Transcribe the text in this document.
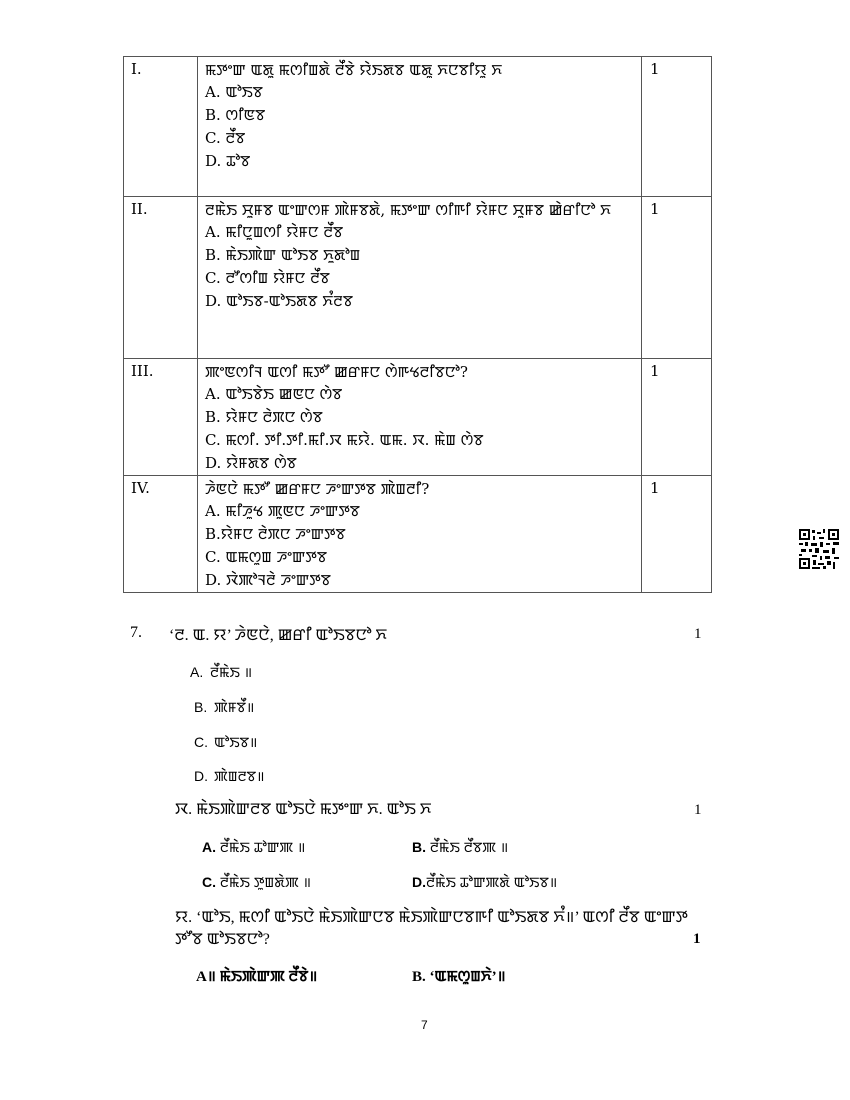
I.	ꯃꯇꯦꯛ ꯑꯗꯨ ꯃꯁꯤꯡꯗꯥ ꯂꯩꯕꯥ ꯌꯥꯏꯗꯕ ꯑꯗꯨ ꯈꯅꯕꯤꯌꯨ ꯈ
A. ꯑꯣꯏꯕ
B. ꯁꯤꯟꯕ
C. ꯂꯩꯕ
D. ꯊꯣꯕ	1
II.	ꯂꯃꯥꯏ ꯆꯨꯝꯕ ꯑꯦꯛꯁꯝ ꯄꯥꯝꯕꯗꯥ, ꯃꯇꯦꯛ ꯁꯤꯒꯤ ꯌꯥꯝꯅ ꯆꯨꯝꯕ ꯀꯥꯔꯤꯅꯣ ꯈ
A. ꯃꯤꯅꯨꯡꯁꯤ ꯌꯥꯝꯅ ꯂꯩꯕ
B. ꯃꯥꯏꯄꯥꯛ ꯑꯣꯏꯕ ꯈꯨꯗꯣꯡ
C. ꯂꯧꯁꯤꯡ ꯌꯥꯝꯅ ꯂꯩꯕ
D. ꯑꯣꯏꯕ-ꯑꯣꯏꯗꯕ ꯈꯪꯂꯕ	1
III.	ꯄꯦꯟꯁꯤꯜ ꯑꯁꯤ ꯃꯇꯧ ꯀꯔꯝꯅ ꯁꯥꯒꯠꯂꯤꯕꯅꯣ?
A. ꯑꯣꯏꯕꯥꯏ ꯀꯟꯅ ꯁꯥꯕ
B. ꯌꯥꯝꯅ ꯂꯥꯞꯅ ꯁꯥꯕ
C. ꯃꯁꯤ. ꯇꯤ.ꯇꯤ.ꯃꯤ.ꯋ ꯃꯌꯥ. ꯑꯃ. ꯋ. ꯃꯥꯡ ꯁꯥꯕ
D. ꯌꯥꯝꯗꯕ ꯁꯥꯕ	1
IV.	ꯍꯥꯟꯅꯥ ꯃꯇꯧ ꯀꯔꯝꯅ ꯍꯦꯛꯇꯕ ꯄꯥꯡꯂꯤ?
A. ꯃꯤꯍꯨꯠ ꯄꯨꯟꯅ ꯍꯦꯛꯇꯕ
B.ꯌꯥꯝꯅ ꯂꯥꯞꯅ ꯍꯦꯛꯇꯕ
C. ꯑꯃꯁꯨꯡ ꯍꯦꯛꯇꯕ
D. ꯋꯥꯄꯣꯜꯂꯥ ꯍꯦꯛꯇꯕ	1
7. ‘ꯂ. ꯑ. ꯌ’ ꯍꯥꯟꯅꯥ, ꯀꯔꯤ ꯑꯣꯏꯕꯅꯣ ꯈ	1
A. ꯂꯩꯃꯥꯏ ॥
B. ꯄꯥꯝꯕꯩ॥
C. ꯑꯣꯏꯕ॥
D. ꯄꯥꯡꯂꯕ॥
ꯋ. ꯃꯥꯏꯄꯥꯛꯂꯕ ꯑꯣꯏꯅꯥ ꯃꯇꯦꯛ ꯈ. ꯑꯣꯏ ꯈ	1
A. ꯂꯩꯃꯥꯏ ꯊꯣꯛꯄ ॥	B. ꯂꯩꯃꯥꯏ ꯂꯩꯕꯄ ॥
C. ꯂꯩꯃꯥꯏ ꯇꯨꯡꯗꯥꯄ ॥	D.ꯂꯩꯃꯥꯏ ꯊꯣꯛꯄꯗꯥ ꯑꯣꯏꯕ॥
ꯌ. ‘ꯑꯣꯏ, ꯃꯁꯤ ꯑꯣꯏꯅꯥ ꯃꯥꯏꯄꯥꯛꯅꯕ ꯃꯥꯏꯄꯥꯛꯅꯕꯒꯤ ꯑꯣꯏꯗꯕ ꯈꯪ॥’ ꯑꯁꯤ ꯂꯩꯕ ꯑꯦꯛꯇ
ꯇꯧꯕ ꯑꯣꯏꯕꯅꯣ?	1
A॥ ꯃꯥꯏꯄꯥꯛꯄ ꯂꯩꯕꯥ॥	B. ‘ꯑꯃꯁꯨꯡꯈꯥ’॥
7
